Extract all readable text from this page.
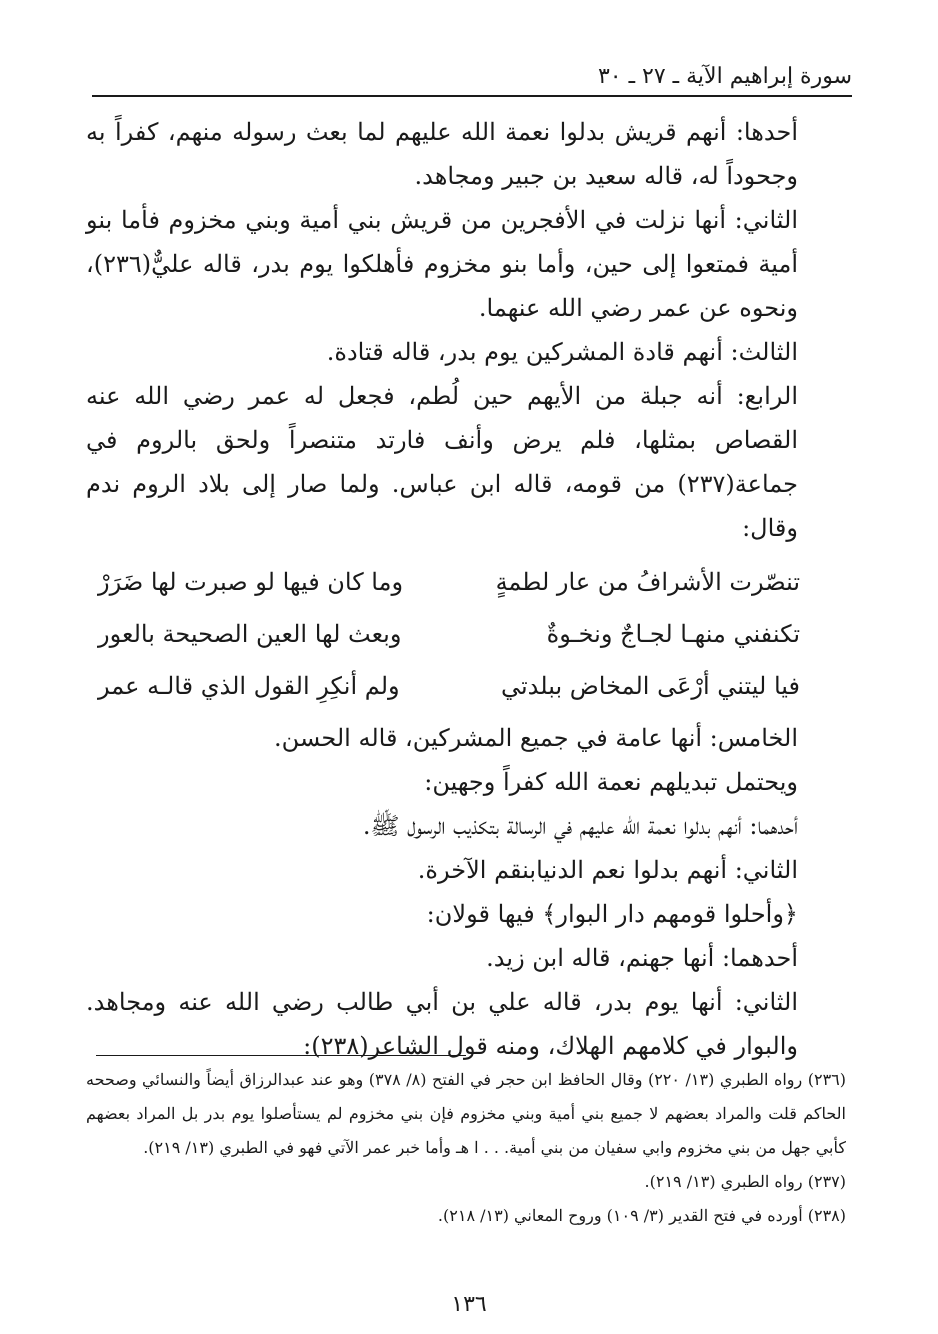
سورة إبراهيم الآية ـ ٢٧ ـ ٣٠

أحدها: أنهم قريش بدلوا نعمة الله عليهم لما بعث رسوله منهم، كفراً به وجحوداً له، قاله سعيد بن جبير ومجاهد.

الثاني: أنها نزلت في الأفجرين من قريش بني أمية وبني مخزوم فأما بنو أمية فمتعوا إلى حين، وأما بنو مخزوم فأهلكوا يوم بدر، قاله عليٌّ(٢٣٦)، ونحوه عن عمر رضي الله عنهما.

الثالث: أنهم قادة المشركين يوم بدر، قاله قتادة.

الرابع: أنه جبلة من الأيهم حين لُطم، فجعل له عمر رضي الله عنه القصاص بمثلها، فلم يرض وأنف فارتد متنصراً ولحق بالروم في جماعة(٢٣٧) من قومه، قاله ابن عباس. ولما صار إلى بلاد الروم ندم وقال:

تنصّرت الأشرافُ من عار لطمةٍ
وما كان فيها لو صبرت لها ضَرَرْ
تكنفني منهـا لجـاجٌ ونخـوةٌ
وبعث لها العين الصحيحة بالعور
فيا ليتني أرْعَى المخاض ببلدتي
ولم أنكِرِ القول الذي قالـه عمر

الخامس: أنها عامة في جميع المشركين، قاله الحسن.

ويحتمل تبديلهم نعمة الله كفراً وجهين:

أحدهما: أنهم بدلوا نعمة الله عليهم في الرسالة بتكذيب الرسول ﷺ.

الثاني: أنهم بدلوا نعم الدنيابنقم الآخرة.

﴿وأحلوا قومهم دار البوار﴾ فيها قولان:

أحدهما: أنها جهنم، قاله ابن زيد.

الثاني: أنها يوم بدر، قاله علي بن أبي طالب رضي الله عنه ومجاهد. والبوار في كلامهم الهلاك، ومنه قول الشاعر(٢٣٨):

(٢٣٦) رواه الطبري (١٣/ ٢٢٠) وقال الحافظ ابن حجر في الفتح (٨/ ٣٧٨) وهو عند عبدالرزاق أيضاً والنسائي وصححه الحاكم قلت والمراد بعضهم لا جميع بني أمية وبني مخزوم فإن بني مخزوم لم يستأصلوا يوم بدر بل المراد بعضهم كأبي جهل من بني مخزوم وابي سفيان من بني أمية. . . ا هـ وأما خبر عمر الآتي فهو في الطبري (١٣/ ٢١٩).

(٢٣٧) رواه الطبري (١٣/ ٢١٩).

(٢٣٨) أورده في فتح القدير (٣/ ١٠٩) وروح المعاني (١٣/ ٢١٨).

١٣٦
